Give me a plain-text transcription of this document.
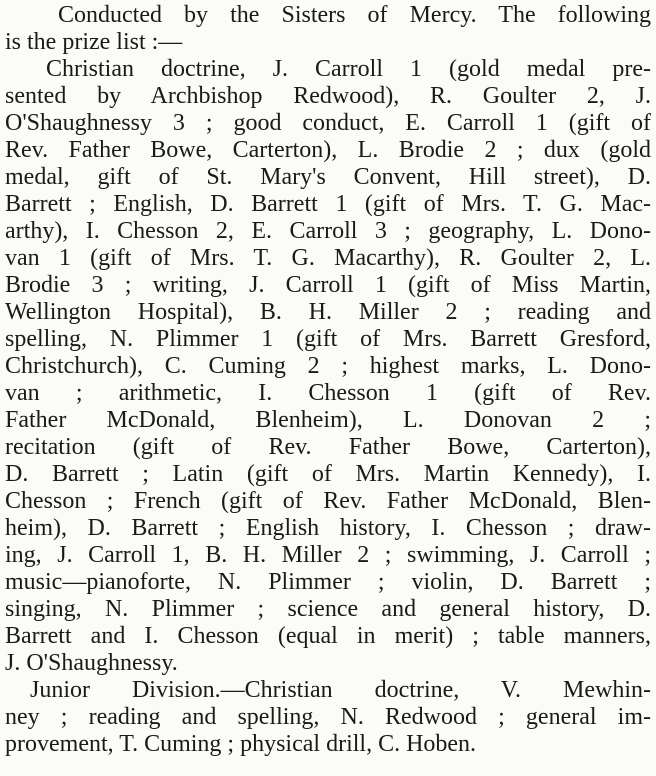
Conducted by the Sisters of Mercy. The following
is the prize list :—
Christian doctrine, J. Carroll 1 (gold medal pre-
sented by Archbishop Redwood), R. Goulter 2, J.
O'Shaughnessy 3 ; good conduct, E. Carroll 1 (gift of
Rev. Father Bowe, Carterton), L. Brodie 2 ; dux (gold
medal, gift of St. Mary's Convent, Hill street), D.
Barrett ; English, D. Barrett 1 (gift of Mrs. T. G. Mac-
arthy), I. Chesson 2, E. Carroll 3 ; geography, L. Dono-
van 1 (gift of Mrs. T. G. Macarthy), R. Goulter 2, L.
Brodie 3 ; writing, J. Carroll 1 (gift of Miss Martin,
Wellington Hospital), B. H. Miller 2 ; reading and
spelling, N. Plimmer 1 (gift of Mrs. Barrett Gresford,
Christchurch), C. Cuming 2 ; highest marks, L. Dono-
van ; arithmetic, I. Chesson 1 (gift of Rev.
Father McDonald, Blenheim), L. Donovan 2 ;
recitation (gift of Rev. Father Bowe, Carterton),
D. Barrett ; Latin (gift of Mrs. Martin Kennedy), I.
Chesson ; French (gift of Rev. Father McDonald, Blen-
heim), D. Barrett ; English history, I. Chesson ; draw-
ing, J. Carroll 1, B. H. Miller 2 ; swimming, J. Carroll ;
music—pianoforte, N. Plimmer ; violin, D. Barrett ;
singing, N. Plimmer ; science and general history, D.
Barrett and I. Chesson (equal in merit) ; table manners,
J. O'Shaughnessy.
Junior Division.—Christian doctrine, V. Mewhin-
ney ; reading and spelling, N. Redwood ; general im-
provement, T. Cuming ; physical drill, C. Hoben.
